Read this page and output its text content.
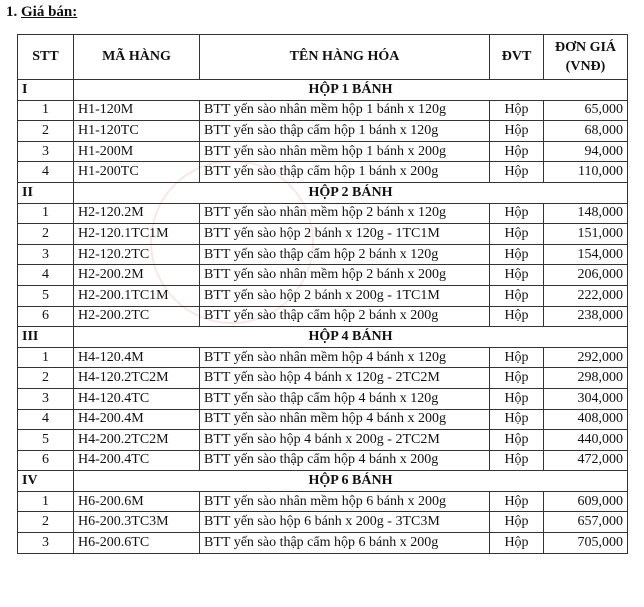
1. Giá bán:
STT	MÃ HÀNG	TÊN HÀNG HÓA	ĐVT	ĐƠN GIÁ (VNĐ)
I	HỘP 1 BÁNH			
1	H1-120M	BTT yến sào nhân mềm hộp 1 bánh x 120g	Hộp	65,000
2	H1-120TC	BTT yến sào thập cẩm hộp 1 bánh x 120g	Hộp	68,000
3	H1-200M	BTT yến sào nhân mềm hộp 1 bánh x 200g	Hộp	94,000
4	H1-200TC	BTT yến sào thập cẩm hộp 1 bánh x 200g	Hộp	110,000
II	HỘP 2 BÁNH			
1	H2-120.2M	BTT yến sào nhân mềm hộp 2 bánh x 120g	Hộp	148,000
2	H2-120.1TC1M	BTT yến sào hộp 2 bánh x 120g - 1TC1M	Hộp	151,000
3	H2-120.2TC	BTT yến sào thập cẩm hộp 2 bánh x 120g	Hộp	154,000
4	H2-200.2M	BTT yến sào nhân mềm hộp 2 bánh x 200g	Hộp	206,000
5	H2-200.1TC1M	BTT yến sào hộp 2 bánh x 200g - 1TC1M	Hộp	222,000
6	H2-200.2TC	BTT yến sào thập cẩm hộp 2 bánh x 200g	Hộp	238,000
III	HỘP 4 BÁNH			
1	H4-120.4M	BTT yến sào nhân mềm hộp 4 bánh x 120g	Hộp	292,000
2	H4-120.2TC2M	BTT yến sào hộp 4 bánh x 120g - 2TC2M	Hộp	298,000
3	H4-120.4TC	BTT yến sào thập cẩm hộp 4 bánh x 120g	Hộp	304,000
4	H4-200.4M	BTT yến sào nhân mềm hộp 4 bánh x 200g	Hộp	408,000
5	H4-200.2TC2M	BTT yến sào hộp 4 bánh x 200g - 2TC2M	Hộp	440,000
6	H4-200.4TC	BTT yến sào thập cẩm hộp 4 bánh x 200g	Hộp	472,000
IV	HỘP 6 BÁNH			
1	H6-200.6M	BTT yến sào nhân mềm hộp 6 bánh x 200g	Hộp	609,000
2	H6-200.3TC3M	BTT yến sào hộp 6 bánh x 200g - 3TC3M	Hộp	657,000
3	H6-200.6TC	BTT yến sào thập cẩm hộp 6 bánh x 200g	Hộp	705,000
